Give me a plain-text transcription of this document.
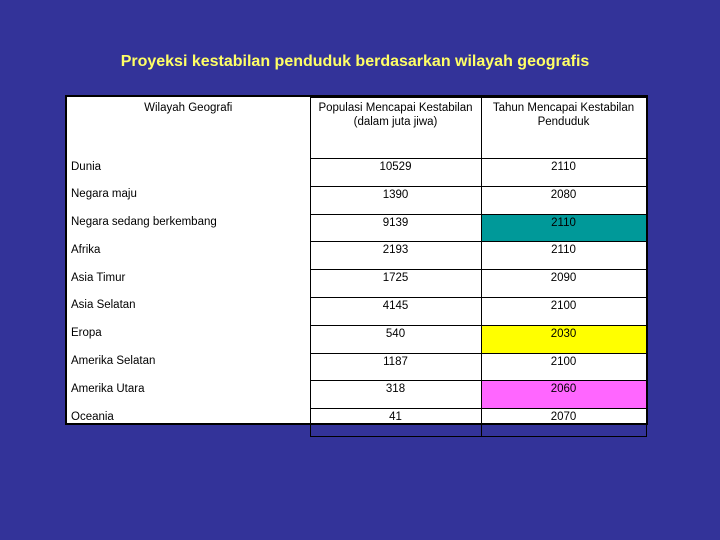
Proyeksi kestabilan penduduk berdasarkan wilayah geografis
Wilayah Geografi	Populasi Mencapai Kestabilan (dalam juta jiwa)	Tahun Mencapai Kestabilan Penduduk
Dunia	10529	2110
Negara maju	1390	2080
Negara sedang berkembang	9139	2110
Afrika	2193	2110
Asia Timur	1725	2090
Asia Selatan	4145	2100
Eropa	540	2030
Amerika Selatan	1187	2100
Amerika Utara	318	2060
Oceania	41	2070
